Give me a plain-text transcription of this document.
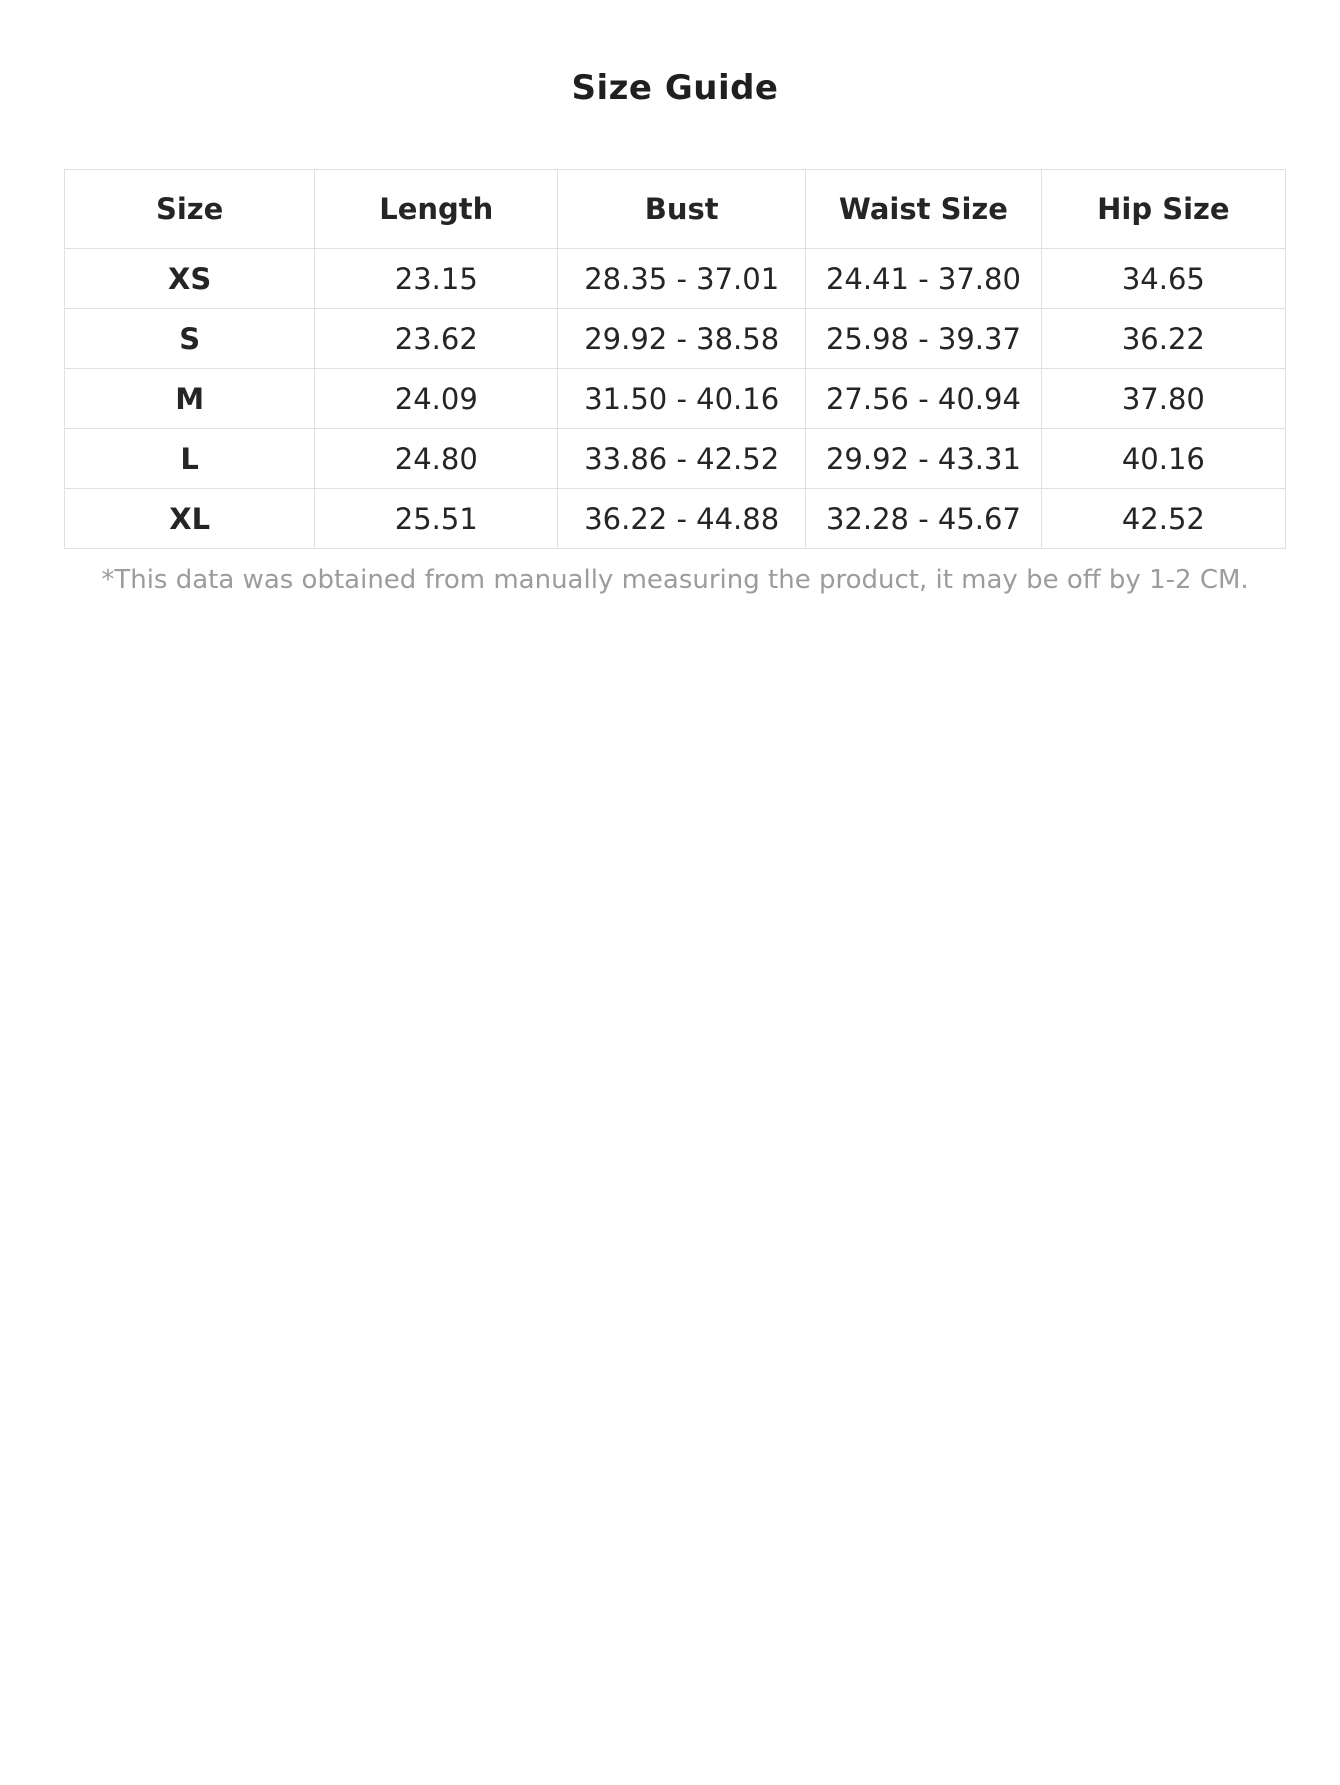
Size Guide
Size	Length	Bust	Waist Size	Hip Size
XS	23.15	28.35 - 37.01	24.41 - 37.80	34.65
S	23.62	29.92 - 38.58	25.98 - 39.37	36.22
M	24.09	31.50 - 40.16	27.56 - 40.94	37.80
L	24.80	33.86 - 42.52	29.92 - 43.31	40.16
XL	25.51	36.22 - 44.88	32.28 - 45.67	42.52
*This data was obtained from manually measuring the product, it may be off by 1-2 CM.
